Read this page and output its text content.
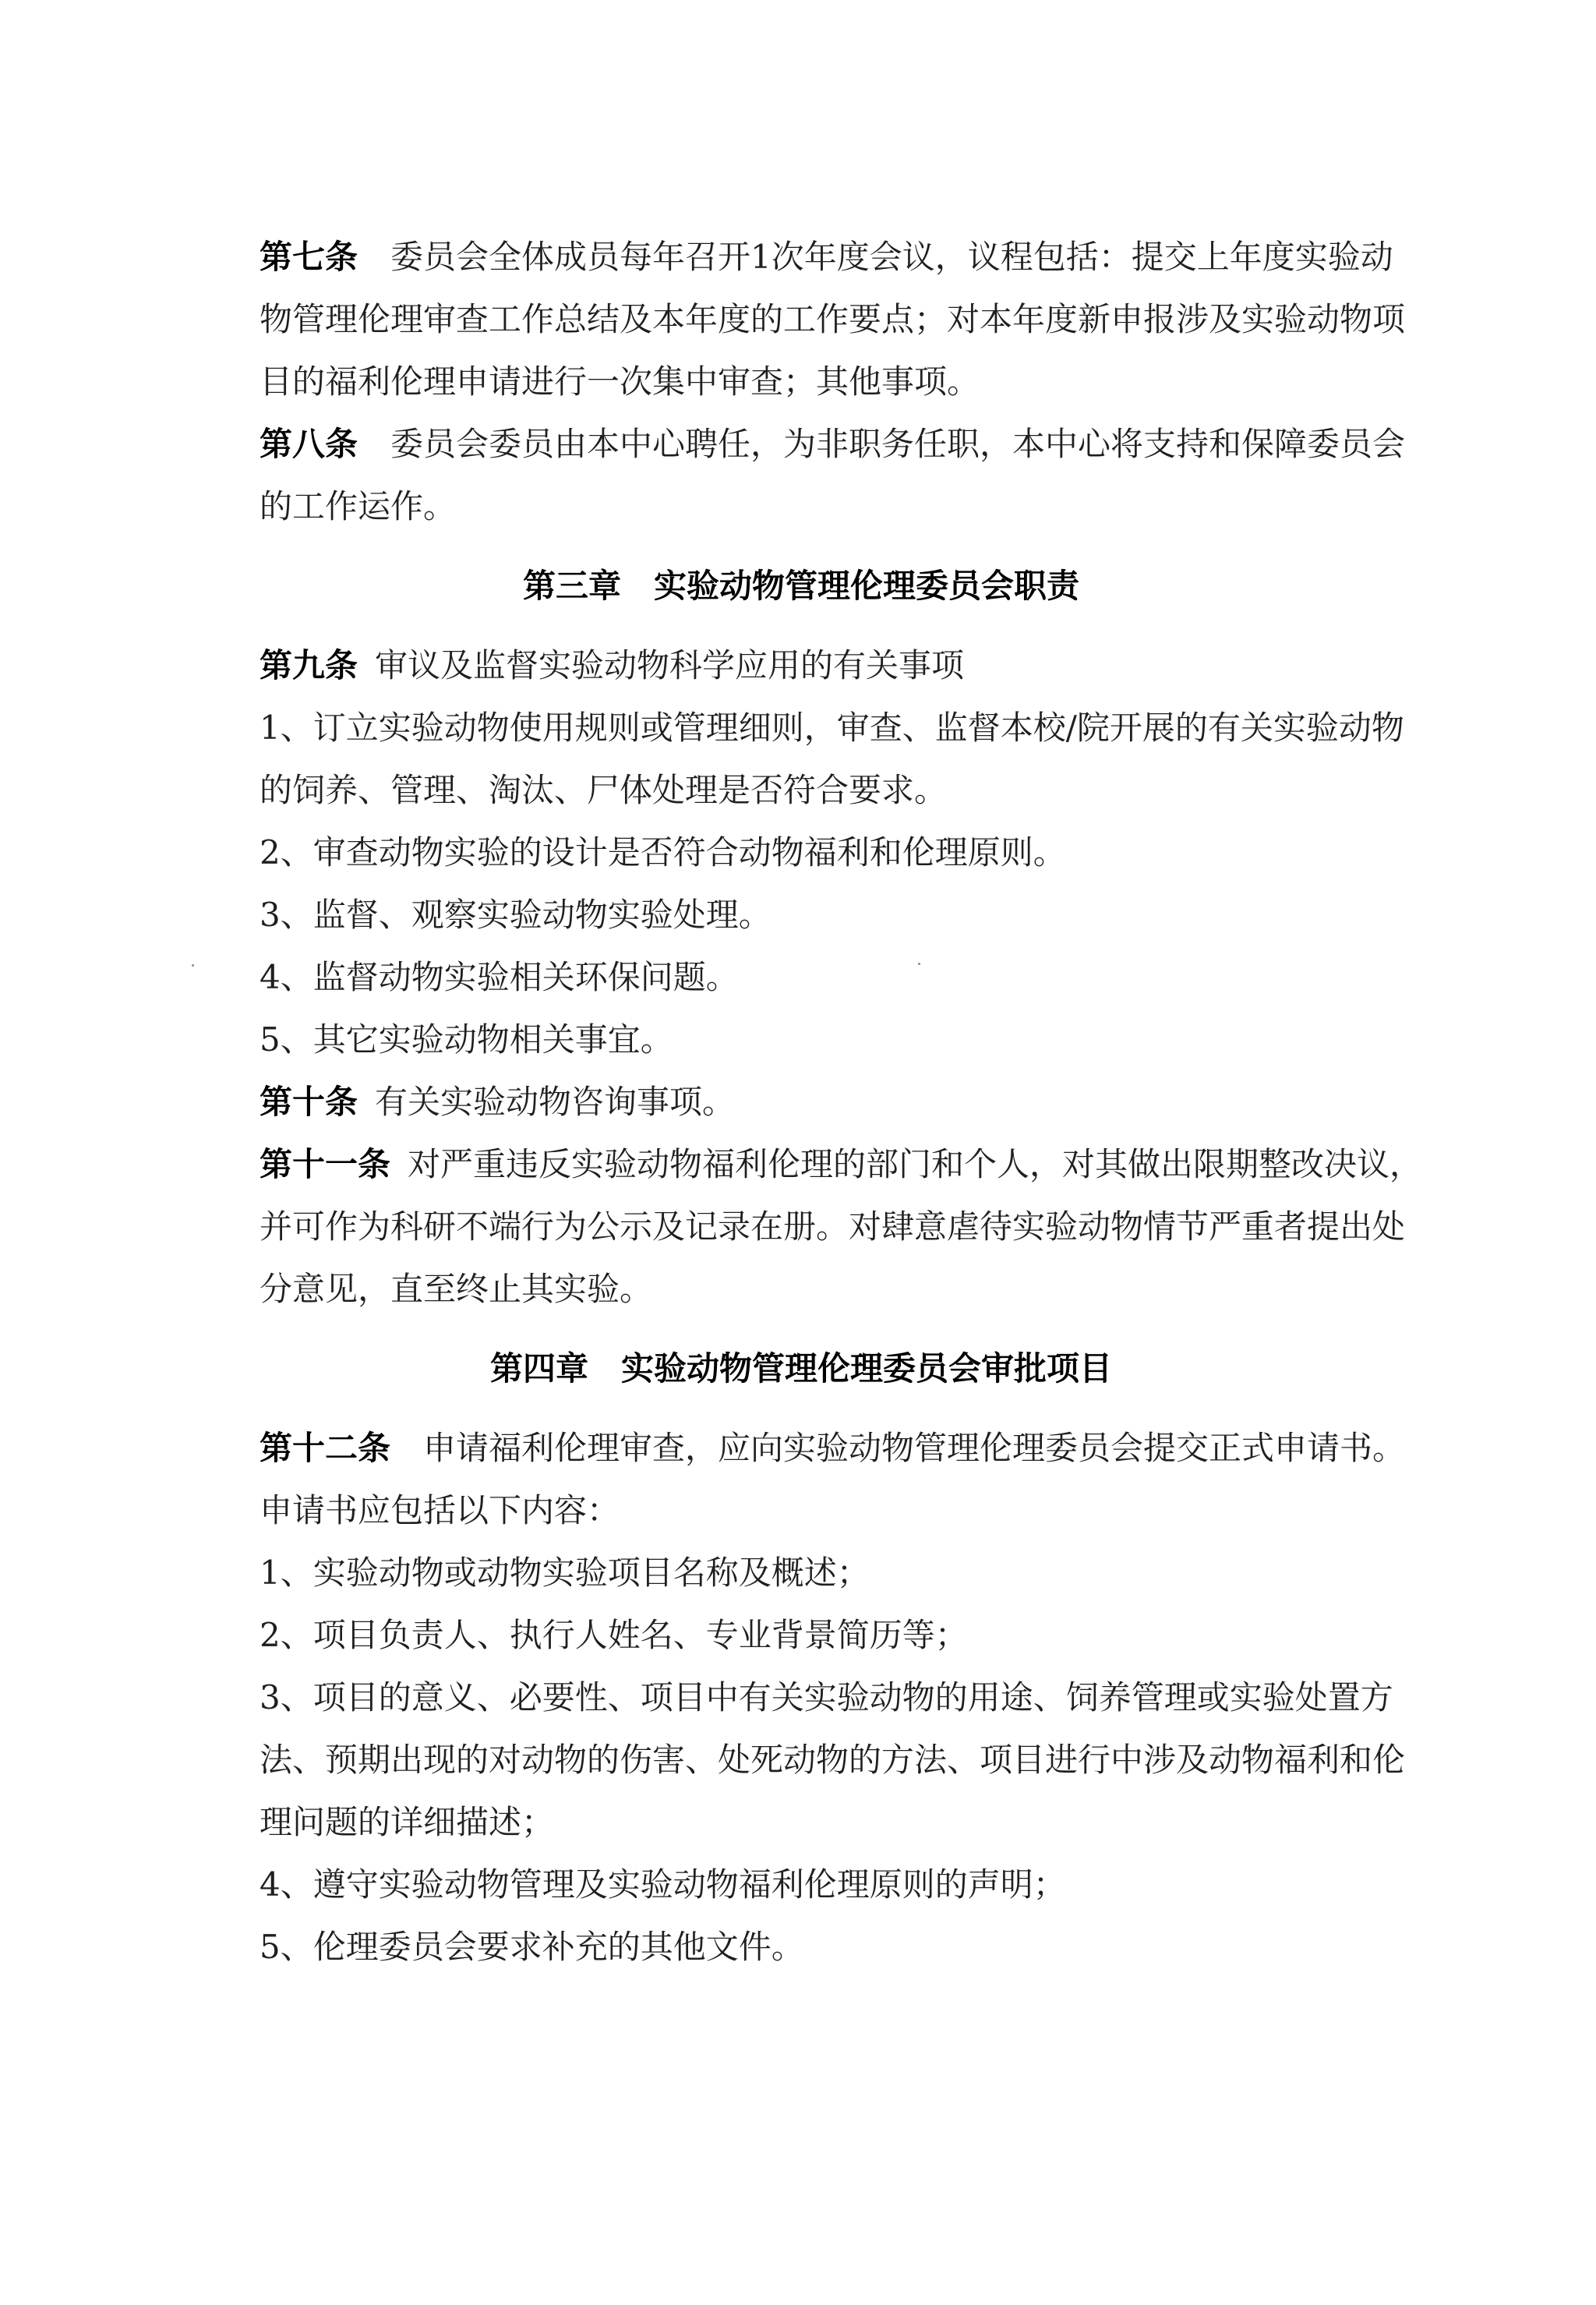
第七条 委员会全体成员每年召开1次年度会议，议程包括：提交上年度实验动
物管理伦理审查工作总结及本年度的工作要点；对本年度新申报涉及实验动物项
目的福利伦理申请进行一次集中审查；其他事项。
第八条 委员会委员由本中心聘任，为非职务任职，本中心将支持和保障委员会
的工作运作。
第三章 实验动物管理伦理委员会职责
第九条 审议及监督实验动物科学应用的有关事项
1、订立实验动物使用规则或管理细则，审查、监督本校/院开展的有关实验动物
的饲养、管理、淘汰、尸体处理是否符合要求。
2、审查动物实验的设计是否符合动物福利和伦理原则。
3、监督、观察实验动物实验处理。
4、监督动物实验相关环保问题。
5、其它实验动物相关事宜。
第十条 有关实验动物咨询事项。
第十一条 对严重违反实验动物福利伦理的部门和个人，对其做出限期整改决议，
并可作为科研不端行为公示及记录在册。对肆意虐待实验动物情节严重者提出处
分意见，直至终止其实验。
第四章 实验动物管理伦理委员会审批项目
第十二条 申请福利伦理审查，应向实验动物管理伦理委员会提交正式申请书。
申请书应包括以下内容：
1、实验动物或动物实验项目名称及概述；
2、项目负责人、执行人姓名、专业背景简历等；
3、项目的意义、必要性、项目中有关实验动物的用途、饲养管理或实验处置方
法、预期出现的对动物的伤害、处死动物的方法、项目进行中涉及动物福利和伦
理问题的详细描述；
4、遵守实验动物管理及实验动物福利伦理原则的声明；
5、伦理委员会要求补充的其他文件。
